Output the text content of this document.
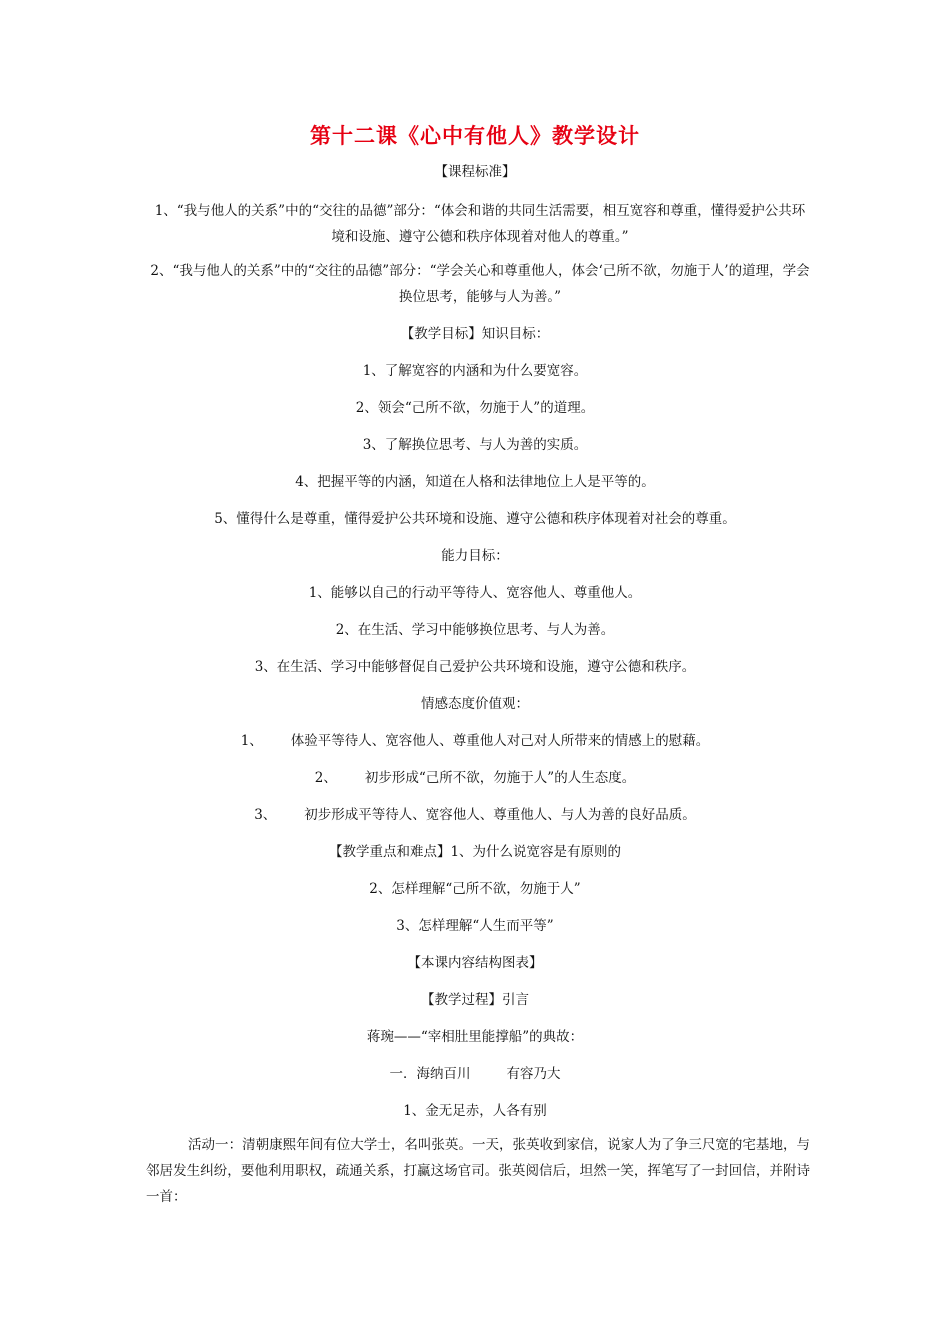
第十二课《心中有他人》教学设计
【课程标准】
1、“我与他人的关系”中的“交往的品德”部分：“体会和谐的共同生活需要，相互宽容和尊重，懂得爱护公共环境和设施、遵守公德和秩序体现着对他人的尊重。”
2、“我与他人的关系”中的“交往的品德”部分：“学会关心和尊重他人，体会‘己所不欲，勿施于人’的道理，学会换位思考，能够与人为善。”
【教学目标】知识目标：
1、了解宽容的内涵和为什么要宽容。
2、领会“己所不欲，勿施于人”的道理。
3、了解换位思考、与人为善的实质。
4、把握平等的内涵，知道在人格和法律地位上人是平等的。
5、懂得什么是尊重，懂得爱护公共环境和设施、遵守公德和秩序体现着对社会的尊重。
能力目标：
1、能够以自己的行动平等待人、宽容他人、尊重他人。
2、在生活、学习中能够换位思考、与人为善。
3、在生活、学习中能够督促自己爱护公共环境和设施，遵守公德和秩序。
情感态度价值观：
1、 体验平等待人、宽容他人、尊重他人对己对人所带来的情感上的慰藉。
2、 初步形成“己所不欲，勿施于人”的人生态度。
3、 初步形成平等待人、宽容他人、尊重他人、与人为善的良好品质。
【教学重点和难点】1、为什么说宽容是有原则的
2、怎样理解“己所不欲，勿施于人”
3、怎样理解“人生而平等”
【本课内容结构图表】
【教学过程】引言
蒋琬——“宰相肚里能撑船”的典故：
一．海纳百川	有容乃大
1、金无足赤，人各有别
活动一：清朝康熙年间有位大学士，名叫张英。一天，张英收到家信，说家人为了争三尺宽的宅基地，与邻居发生纠纷，要他利用职权，疏通关系，打赢这场官司。张英阅信后，坦然一笑，挥笔写了一封回信，并附诗一首：
